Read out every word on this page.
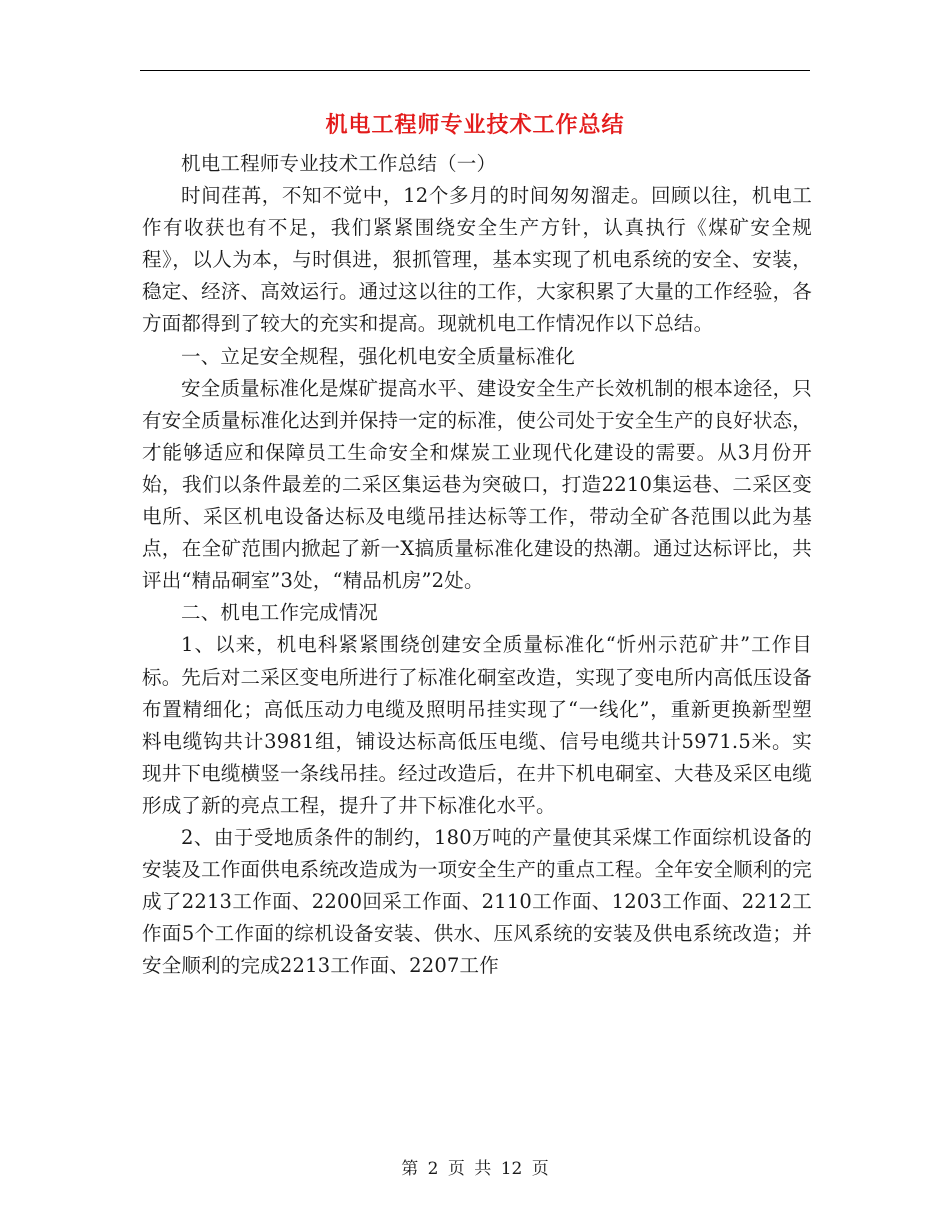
机电工程师专业技术工作总结

机电工程师专业技术工作总结（一）

时间荏苒，不知不觉中，12个多月的时间匆匆溜走。回顾以往，机电工作有收获也有不足，我们紧紧围绕安全生产方针，认真执行《煤矿安全规程》，以人为本，与时俱进，狠抓管理，基本实现了机电系统的安全、安装，稳定、经济、高效运行。通过这以往的工作，大家积累了大量的工作经验，各方面都得到了较大的充实和提高。现就机电工作情况作以下总结。

一、立足安全规程，强化机电安全质量标准化

安全质量标准化是煤矿提高水平、建设安全生产长效机制的根本途径，只有安全质量标准化达到并保持一定的标准，使公司处于安全生产的良好状态，才能够适应和保障员工生命安全和煤炭工业现代化建设的需要。从3月份开始，我们以条件最差的二采区集运巷为突破口，打造2210集运巷、二采区变电所、采区机电设备达标及电缆吊挂达标等工作，带动全矿各范围以此为基点，在全矿范围内掀起了新一X搞质量标准化建设的热潮。通过达标评比，共评出“精品硐室”3处，“精品机房”2处。

二、机电工作完成情况

1、以来，机电科紧紧围绕创建安全质量标准化“忻州示范矿井”工作目标。先后对二采区变电所进行了标准化硐室改造，实现了变电所内高低压设备布置精细化；高低压动力电缆及照明吊挂实现了“一线化”，重新更换新型塑料电缆钩共计3981组，铺设达标高低压电缆、信号电缆共计5971.5米。实现井下电缆横竖一条线吊挂。经过改造后，在井下机电硐室、大巷及采区电缆形成了新的亮点工程，提升了井下标准化水平。

2、由于受地质条件的制约，180万吨的产量使其采煤工作面综机设备的安装及工作面供电系统改造成为一项安全生产的重点工程。全年安全顺利的完成了2213工作面、2200回采工作面、2110工作面、1203工作面、2212工作面5个工作面的综机设备安装、供水、压风系统的安装及供电系统改造；并安全顺利的完成2213工作面、2207工作

第 2 页 共 12 页
